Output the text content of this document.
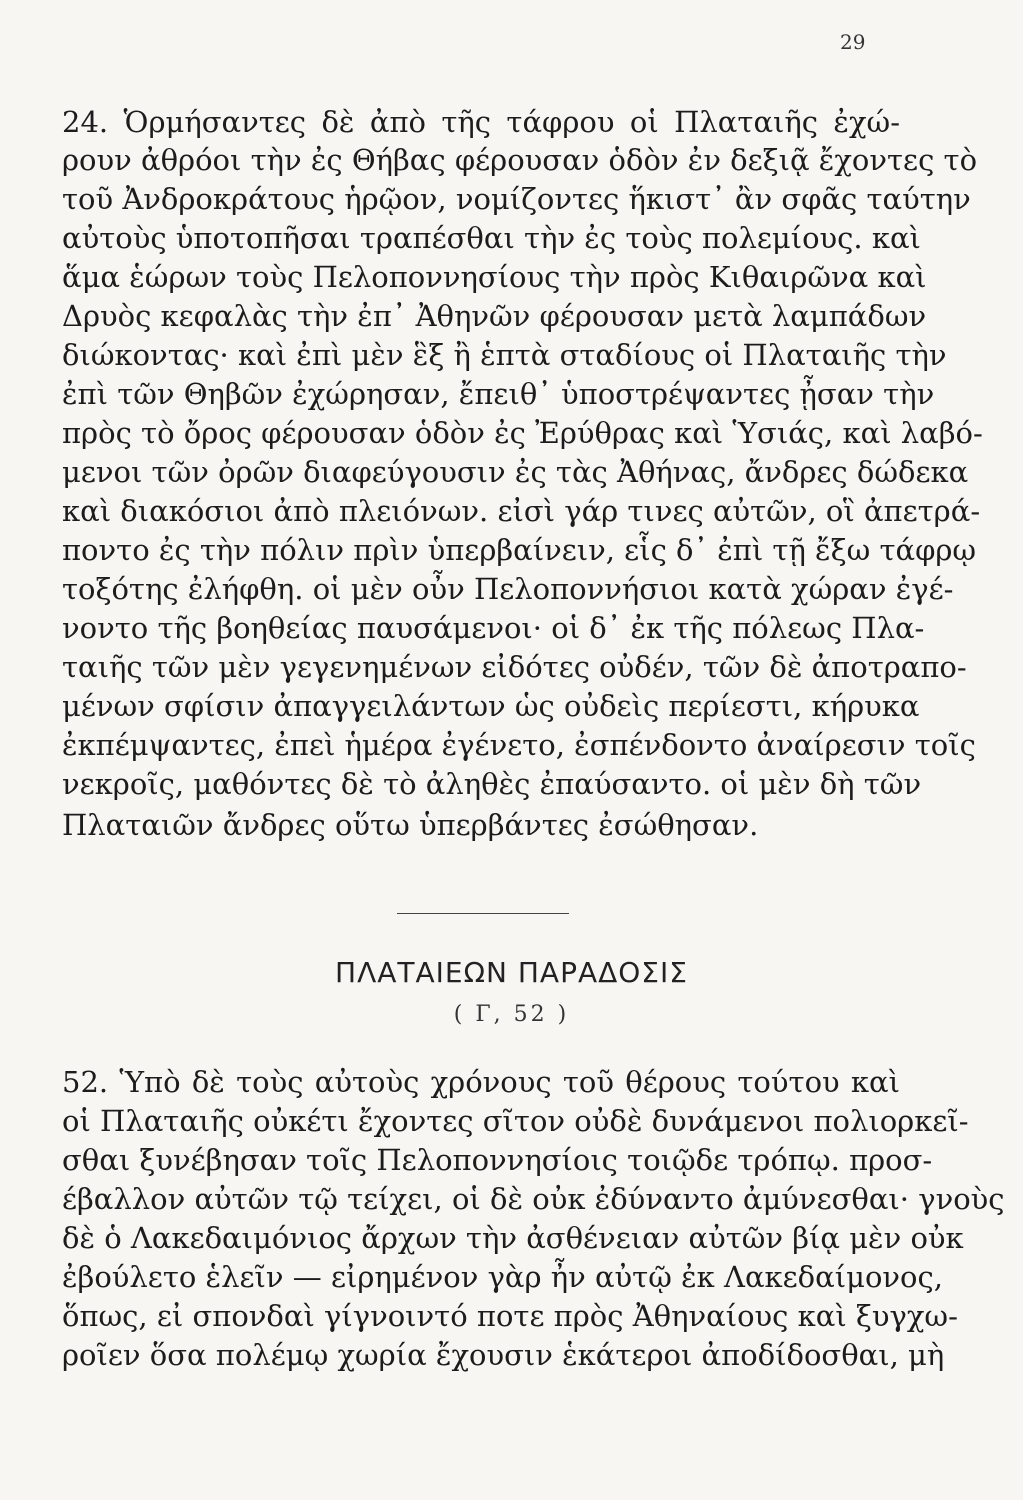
29
24. Ὁρμήσαντες δὲ ἀπὸ τῆς τάφρου οἱ Πλαταιῆς ἐχώ-
ρουν ἀθρόοι τὴν ἐς Θήβας φέρουσαν ὁδὸν ἐν δεξιᾷ ἔχοντες τὸ
τοῦ Ἀνδροκράτους ἡρῷον, νομίζοντες ἥκιστ᾽ ἂν σφᾶς ταύτην
αὐτοὺς ὑποτοπῆσαι τραπέσθαι τὴν ἐς τοὺς πολεμίους. καὶ
ἅμα ἑώρων τοὺς Πελοποννησίους τὴν πρὸς Κιθαιρῶνα καὶ
Δρυὸς κεφαλὰς τὴν ἐπ᾽ Ἀθηνῶν φέρουσαν μετὰ λαμπάδων
διώκοντας· καὶ ἐπὶ μὲν ἓξ ἢ ἑπτὰ σταδίους οἱ Πλαταιῆς τὴν
ἐπὶ τῶν Θηβῶν ἐχώρησαν, ἔπειθ᾽ ὑποστρέψαντες ᾖσαν τὴν
πρὸς τὸ ὄρος φέρουσαν ὁδὸν ἐς Ἐρύθρας καὶ Ὑσιάς, καὶ λαβό-
μενοι τῶν ὀρῶν διαφεύγουσιν ἐς τὰς Ἀθήνας, ἄνδρες δώδεκα
καὶ διακόσιοι ἀπὸ πλειόνων. εἰσὶ γάρ τινες αὐτῶν, οἳ ἀπετρά-
ποντο ἐς τὴν πόλιν πρὶν ὑπερβαίνειν, εἷς δ᾽ ἐπὶ τῇ ἔξω τάφρῳ
τοξότης ἐλήφθη. οἱ μὲν οὖν Πελοποννήσιοι κατὰ χώραν ἐγέ-
νοντο τῆς βοηθείας παυσάμενοι· οἱ δ᾽ ἐκ τῆς πόλεως Πλα-
ταιῆς τῶν μὲν γεγενημένων εἰδότες οὐδέν, τῶν δὲ ἀποτραπο-
μένων σφίσιν ἀπαγγειλάντων ὡς οὐδεὶς περίεστι, κήρυκα
ἐκπέμψαντες, ἐπεὶ ἡμέρα ἐγένετο, ἐσπένδοντο ἀναίρεσιν τοῖς
νεκροῖς, μαθόντες δὲ τὸ ἀληθὲς ἐπαύσαντο. οἱ μὲν δὴ τῶν
Πλαταιῶν ἄνδρες οὕτω ὑπερβάντες ἐσώθησαν.
ΠΛΑΤΑΙΕΩΝ ΠΑΡΑΔΟΣΙΣ
( Γ, 52 )
52. Ὑπὸ δὲ τοὺς αὐτοὺς χρόνους τοῦ θέρους τούτου καὶ
οἱ Πλαταιῆς οὐκέτι ἔχοντες σῖτον οὐδὲ δυνάμενοι πολιορκεῖ-
σθαι ξυνέβησαν τοῖς Πελοποννησίοις τοιῷδε τρόπῳ. προσ-
έβαλλον αὐτῶν τῷ τείχει, οἱ δὲ οὐκ ἐδύναντο ἀμύνεσθαι· γνοὺς
δὲ ὁ Λακεδαιμόνιος ἄρχων τὴν ἀσθένειαν αὐτῶν βίᾳ μὲν οὐκ
ἐβούλετο ἑλεῖν — εἰρημένον γὰρ ἦν αὐτῷ ἐκ Λακεδαίμονος,
ὅπως, εἰ σπονδαὶ γίγνοιντό ποτε πρὸς Ἀθηναίους καὶ ξυγχω-
ροῖεν ὅσα πολέμῳ χωρία ἔχουσιν ἑκάτεροι ἀποδίδοσθαι, μὴ
